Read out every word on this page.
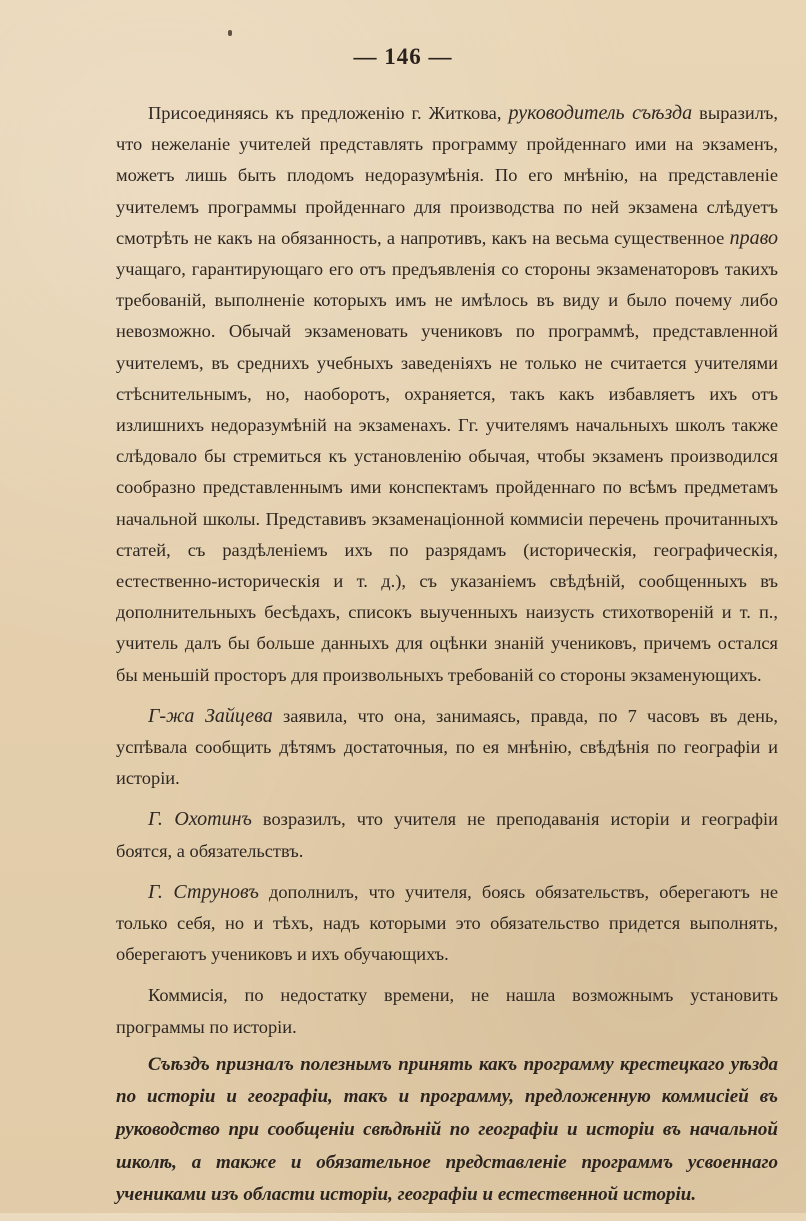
— 146 —

Присоединяясь къ предложенію г. Житкова, руководитель съѣзда выразилъ, что нежеланіе учителей представлять программу пройденнаго ими на экзаменъ, можетъ лишь быть плодомъ недоразумѣнія. По его мнѣнію, на представленіе учителемъ программы пройденнаго для производства по ней экзамена слѣдуетъ смотрѣть не какъ на обязанность, а напротивъ, какъ на весьма существенное право учащаго, гарантирующаго его отъ предъявленія со стороны экзаменаторовъ такихъ требованій, выполненіе которыхъ имъ не имѣлось въ виду и было почему либо невозможно. Обычай экзаменовать учениковъ по программѣ, представленной учителемъ, въ среднихъ учебныхъ заведеніяхъ не только не считается учителями стѣснительнымъ, но, наоборотъ, охраняется, такъ какъ избавляетъ ихъ отъ излишнихъ недоразумѣній на экзаменахъ. Гг. учителямъ начальныхъ школъ также слѣдовало бы стремиться къ установленію обычая, чтобы экзаменъ производился сообразно представленнымъ ими конспектамъ пройденнаго по всѣмъ предметамъ начальной школы. Представивъ экзаменаціонной коммисіи перечень прочитанныхъ статей, съ раздѣленіемъ ихъ по разрядамъ (историческія, географическія, естественно-историческія и т. д.), съ указаніемъ свѣдѣній, сообщенныхъ въ дополнительныхъ бесѣдахъ, списокъ выученныхъ наизусть стихотвореній и т. п., учитель далъ бы больше данныхъ для оцѣнки знаній учениковъ, причемъ остался бы меньшій просторъ для произвольныхъ требованій со стороны экзаменующихъ.

Г-жа Зайцева заявила, что она, занимаясь, правда, по 7 часовъ въ день, успѣвала сообщить дѣтямъ достаточныя, по ея мнѣнію, свѣдѣнія по географіи и исторіи.

Г. Охотинъ возразилъ, что учителя не преподаванія исторіи и географіи боятся, а обязательствъ.

Г. Струновъ дополнилъ, что учителя, боясь обязательствъ, оберегаютъ не только себя, но и тѣхъ, надъ которыми это обязательство придется выполнять, оберегаютъ учениковъ и ихъ обучающихъ.

Коммисія, по недостатку времени, не нашла возможнымъ установить программы по исторіи.

Съѣздъ призналъ полезнымъ принять какъ программу крестецкаго уѣзда по исторіи и географіи, такъ и программу, предложенную коммисіей въ руководство при сообщеніи свѣдѣній по географіи и исторіи въ начальной школѣ, а также и обязательное представленіе программъ усвоеннаго учениками изъ области исторіи, географіи и естественной исторіи.
